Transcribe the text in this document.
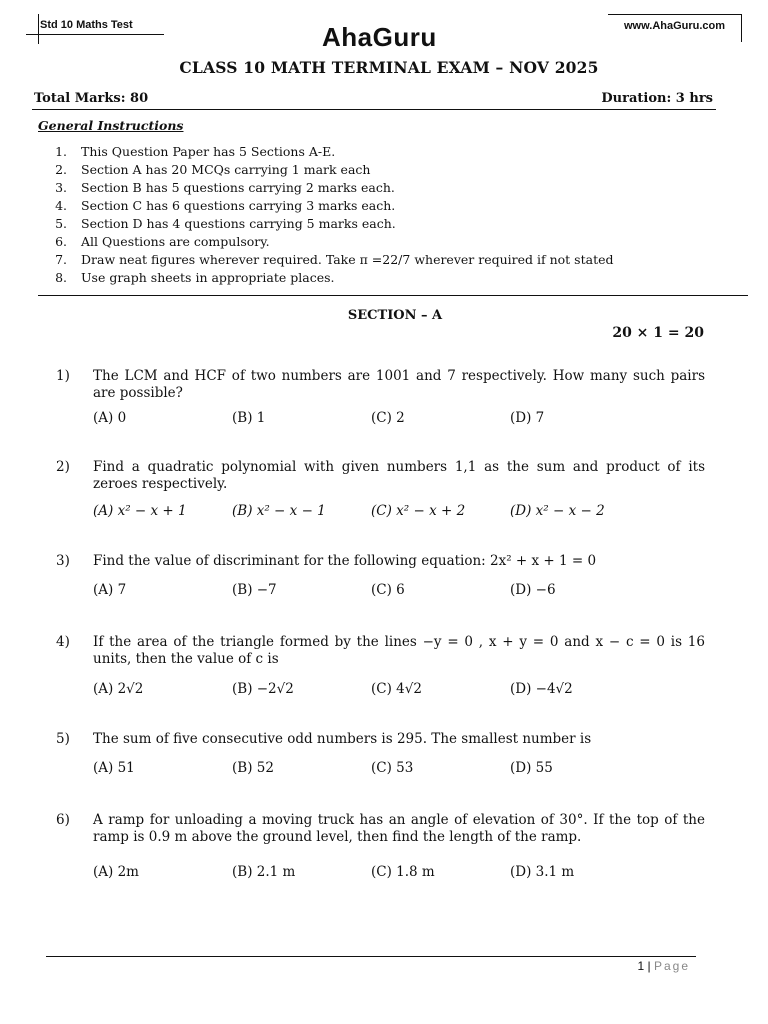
Std 10 Maths Test	AhaGuru	www.AhaGuru.com
CLASS 10 MATH TERMINAL EXAM – NOV 2025
Total Marks: 80	Duration: 3 hrs
General Instructions
1. This Question Paper has 5 Sections A-E.
2. Section A has 20 MCQs carrying 1 mark each
3. Section B has 5 questions carrying 2 marks each.
4. Section C has 6 questions carrying 3 marks each.
5. Section D has 4 questions carrying 5 marks each.
6. All Questions are compulsory.
7. Draw neat figures wherever required. Take π =22/7 wherever required if not stated
8. Use graph sheets in appropriate places.
SECTION – A
20 × 1 = 20
1) The LCM and HCF of two numbers are 1001 and 7 respectively. How many such pairs are possible?
(A) 0	(B) 1	(C) 2	(D) 7
2) Find a quadratic polynomial with given numbers 1,1 as the sum and product of its zeroes respectively.
(A) x² − x + 1	(B) x² − x − 1	(C) x² − x + 2	(D) x² − x − 2
3) Find the value of discriminant for the following equation: 2x² + x + 1 = 0
(A) 7	(B) −7	(C) 6	(D) −6
4) If the area of the triangle formed by the lines −y = 0 , x + y = 0 and x − c = 0 is 16 units, then the value of c is
(A) 2√2	(B) −2√2	(C) 4√2	(D) −4√2
5) The sum of five consecutive odd numbers is 295. The smallest number is
(A) 51	(B) 52	(C) 53	(D) 55
6) A ramp for unloading a moving truck has an angle of elevation of 30°. If the top of the ramp is 0.9 m above the ground level, then find the length of the ramp.
(A) 2m	(B) 2.1 m	(C) 1.8 m	(D) 3.1 m
1 | Page
